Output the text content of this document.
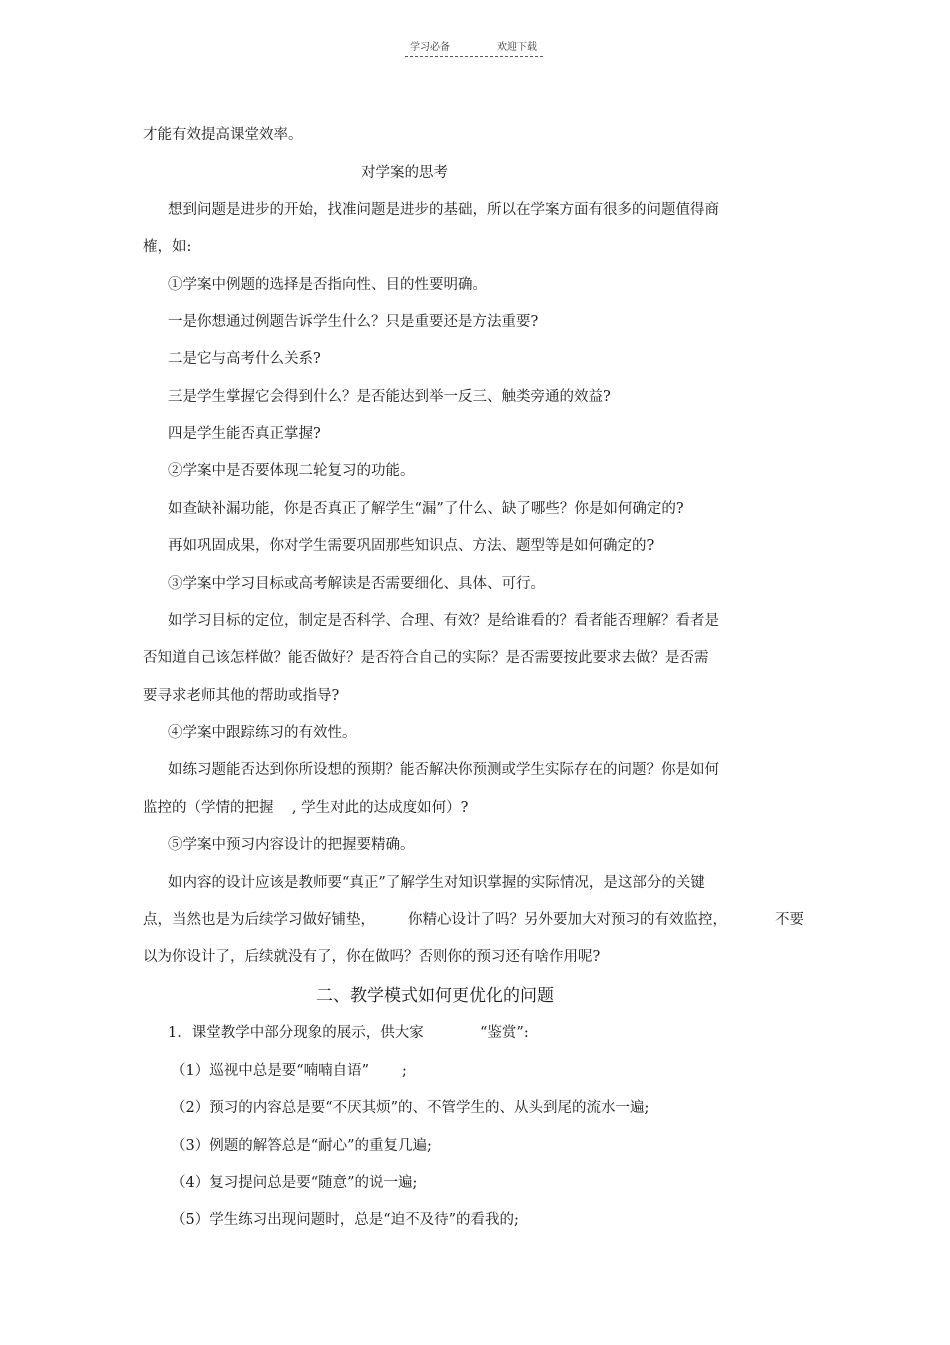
学习必备	欢迎下载
才能有效提高课堂效率。
对学案的思考
想到问题是进步的开始，找准问题是进步的基础，所以在学案方面有很多的问题值得商
榷，如:
①学案中例题的选择是否指向性、目的性要明确。
一是你想通过例题告诉学生什么？只是重要还是方法重要?
二是它与高考什么关系?
三是学生掌握它会得到什么？是否能达到举一反三、触类旁通的效益?
四是学生能否真正掌握?
②学案中是否要体现二轮复习的功能。
如查缺补漏功能，你是否真正了解学生“漏”了什么、缺了哪些？你是如何确定的?
再如巩固成果，你对学生需要巩固那些知识点、方法、题型等是如何确定的?
③学案中学习目标或高考解读是否需要细化、具体、可行。
如学习目标的定位，制定是否科学、合理、有效？是给谁看的？看者能否理解？看者是
否知道自己该怎样做？能否做好？是否符合自己的实际？是否需要按此要求去做？是否需
要寻求老师其他的帮助或指导?
④学案中跟踪练习的有效性。
如练习题能否达到你所设想的预期？能否解决你预测或学生实际存在的问题？你是如何
监控的（学情的把握    , 学生对此的达成度如何）?
⑤学案中预习内容设计的把握要精确。
如内容的设计应该是教师要“真正”了解学生对知识掌握的实际情况，是这部分的关键
点，当然也是为后续学习做好铺垫， 你精心设计了吗？另外要加大对预习的有效监控，	不要
以为你设计了，后续就没有了，你在做吗？否则你的预习还有啥作用呢?
二、教学模式如何更优化的问题
1．课堂教学中部分现象的展示，供大家	“鉴赏”:
（1）巡视中总是要“喃喃自语” ;
（2）预习的内容总是要“不厌其烦”的、不管学生的、从头到尾的流水一遍;
（3）例题的解答总是“耐心”的重复几遍;
（4）复习提问总是要“随意”的说一遍;
（5）学生练习出现问题时，总是“迫不及待”的看我的;
